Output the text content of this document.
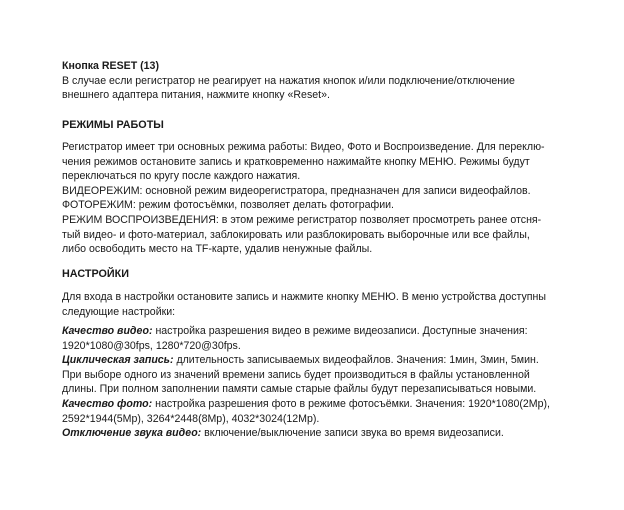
Кнопка RESET (13)
В случае если регистратор не реагирует на нажатия кнопок и/или подключение/отключение
внешнего адаптера питания, нажмите кнопку «Reset».
РЕЖИМЫ РАБОТЫ
Регистратор имеет три основных режима работы: Видео, Фото и Воспроизведение. Для переклю-
чения режимов остановите запись и кратковременно нажимайте кнопку МЕНЮ. Режимы будут
переключаться по кругу после каждого нажатия.
ВИДЕОРЕЖИМ: основной режим видеорегистратора, предназначен для записи видеофайлов.
ФОТОРЕЖИМ: режим фотосъёмки, позволяет делать фотографии.
РЕЖИМ ВОСПРОИЗВЕДЕНИЯ: в этом режиме регистратор позволяет просмотреть ранее отсня-
тый видео- и фото-материал, заблокировать или разблокировать выборочные или все файлы,
либо освободить место на TF-карте, удалив ненужные файлы.
НАСТРОЙКИ
Для входа в настройки остановите запись и нажмите кнопку МЕНЮ. В меню устройства доступны
следующие настройки:
Качество видео: настройка разрешения видео в режиме видеозаписи. Доступные значения:
1920*1080@30fps, 1280*720@30fps.
Циклическая запись: длительность записываемых видеофайлов. Значения: 1мин, 3мин, 5мин.
При выборе одного из значений времени запись будет производиться в файлы установленной
длины. При полном заполнении памяти самые старые файлы будут перезаписываться новыми.
Качество фото: настройка разрешения фото в режиме фотосъёмки. Значения: 1920*1080(2Mp),
2592*1944(5Mp), 3264*2448(8Mp), 4032*3024(12Mp).
Отключение звука видео: включение/выключение записи звука во время видеозаписи.
